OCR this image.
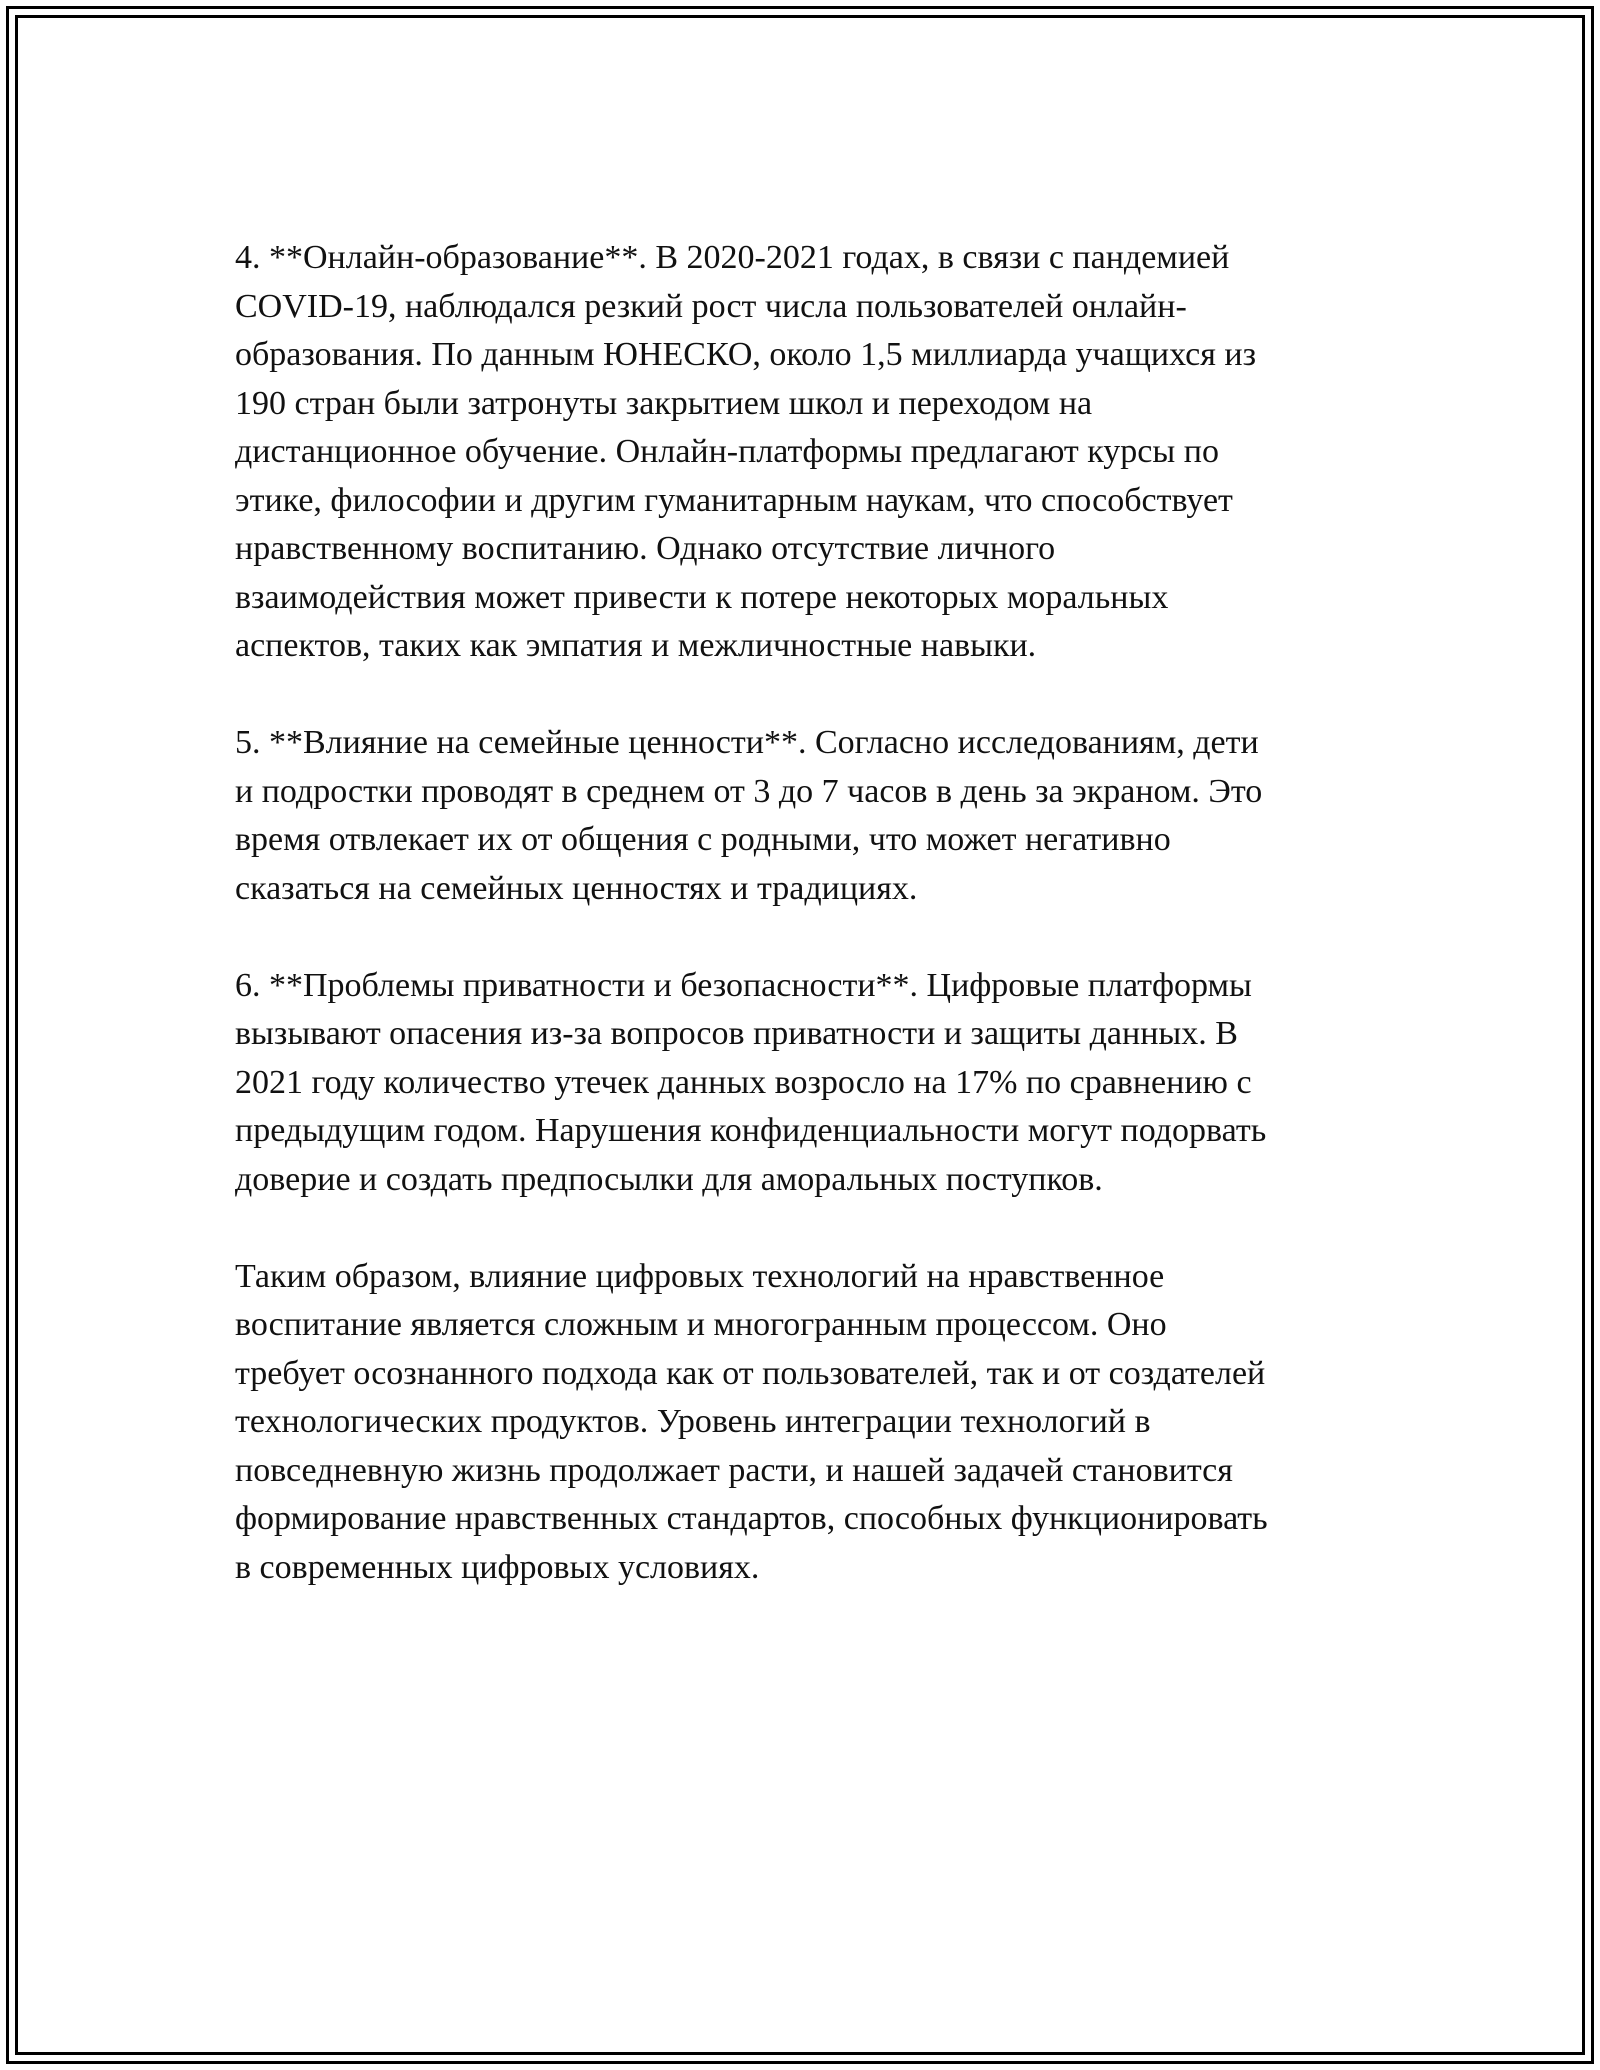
4. **Онлайн-образование**. В 2020-2021 годах, в связи с пандемией
COVID-19, наблюдался резкий рост числа пользователей онлайн-
образования. По данным ЮНЕСКО, около 1,5 миллиарда учащихся из
190 стран были затронуты закрытием школ и переходом на
дистанционное обучение. Онлайн-платформы предлагают курсы по
этике, философии и другим гуманитарным наукам, что способствует
нравственному воспитанию. Однако отсутствие личного
взаимодействия может привести к потере некоторых моральных
аспектов, таких как эмпатия и межличностные навыки.

5. **Влияние на семейные ценности**. Согласно исследованиям, дети
и подростки проводят в среднем от 3 до 7 часов в день за экраном. Это
время отвлекает их от общения с родными, что может негативно
сказаться на семейных ценностях и традициях.

6. **Проблемы приватности и безопасности**. Цифровые платформы
вызывают опасения из-за вопросов приватности и защиты данных. В
2021 году количество утечек данных возросло на 17% по сравнению с
предыдущим годом. Нарушения конфиденциальности могут подорвать
доверие и создать предпосылки для аморальных поступков.

Таким образом, влияние цифровых технологий на нравственное
воспитание является сложным и многогранным процессом. Оно
требует осознанного подхода как от пользователей, так и от создателей
технологических продуктов. Уровень интеграции технологий в
повседневную жизнь продолжает расти, и нашей задачей становится
формирование нравственных стандартов, способных функционировать
в современных цифровых условиях.
